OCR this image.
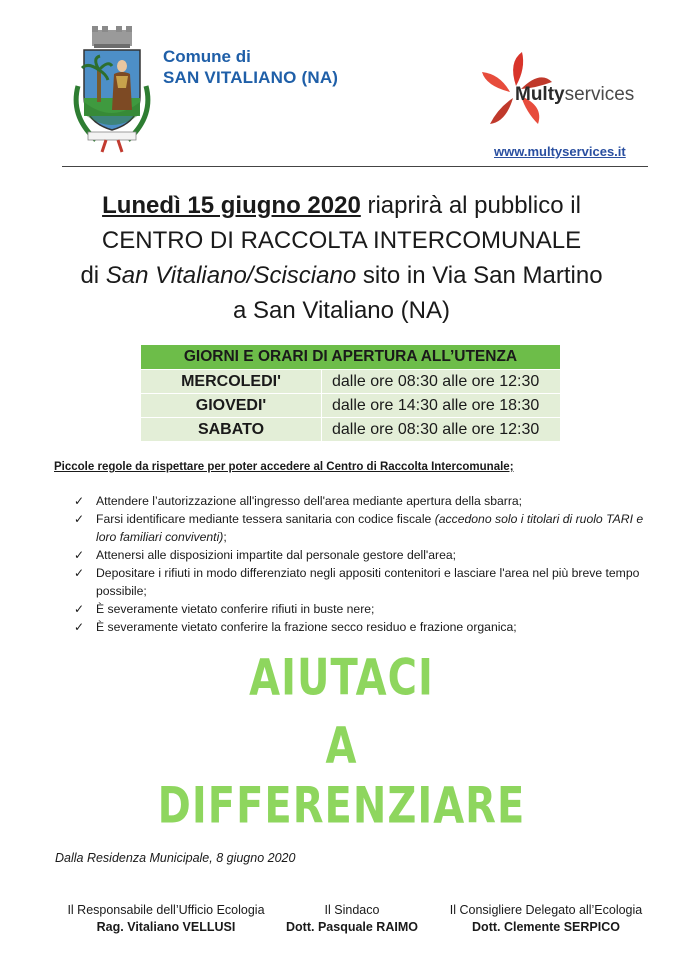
Comune di
SAN VITALIANO (NA)
Multyservices
www.multyservices.it
Lunedì 15 giugno 2020 riaprirà al pubblico il
CENTRO DI RACCOLTA INTERCOMUNALE
di San Vitaliano/Scisciano sito in Via San Martino
a San Vitaliano (NA)
GIORNI E ORARI DI APERTURA ALL’UTENZA	
MERCOLEDI'	dalle ore 08:30 alle ore 12:30
GIOVEDI'	dalle ore 14:30 alle ore 18:30
SABATO	dalle ore 08:30 alle ore 12:30
Piccole regole da rispettare per poter accedere al Centro di Raccolta Intercomunale;
✓ Attendere l’autorizzazione all'ingresso dell'area mediante apertura della sbarra;
✓ Farsi identificare mediante tessera sanitaria con codice fiscale (accedono solo i titolari di ruolo TARI e loro familiari conviventi);
✓ Attenersi alle disposizioni impartite dal personale gestore dell'area;
✓ Depositare i rifiuti in modo differenziato negli appositi contenitori e lasciare l'area nel più breve tempo possibile;
✓ È severamente vietato conferire rifiuti in buste nere;
✓ È severamente vietato conferire la frazione secco residuo e frazione organica;
AIUTACI
A
DIFFERENZIARE
Dalla Residenza Municipale, 8 giugno 2020
Il Responsabile dell’Ufficio Ecologia
Rag. Vitaliano VELLUSI
Il Sindaco
Dott. Pasquale RAIMO
Il Consigliere Delegato all’Ecologia
Dott. Clemente SERPICO
